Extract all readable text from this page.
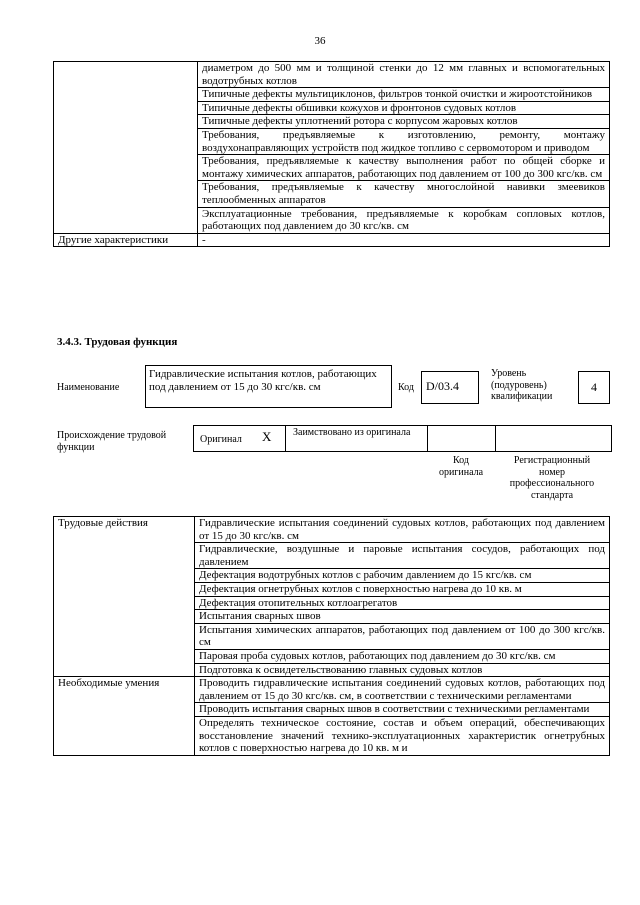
36
	диаметром до 500 мм и толщиной стенки до 12 мм главных и вспомогательных водотрубных котлов
	Типичные дефекты мультициклонов, фильтров тонкой очистки и жироотстойников
	Типичные дефекты обшивки кожухов и фронтонов судовых котлов
	Типичные дефекты уплотнений ротора с корпусом жаровых котлов
	Требования, предъявляемые к изготовлению, ремонту, монтажу воздухонаправляющих устройств под жидкое топливо с сервомотором и приводом
	Требования, предъявляемые к качеству выполнения работ по общей сборке и монтажу химических аппаратов, работающих под давлением от 100 до 300 кгс/кв. см
	Требования, предъявляемые к качеству многослойной навивки змеевиков теплообменных аппаратов
	Эксплуатационные требования, предъявляемые к коробкам сопловых котлов, работающих под давлением до 30 кгс/кв. см
Другие характеристики	-
3.4.3. Трудовая функция
Наименование
Гидравлические испытания котлов, работающих под давлением от 15 до 30 кгс/кв. см	Код	D/03.4
Уровень (подуровень) квалификации
4
Происхождение трудовой функции
Оригинал X Заимствовано из оригинала
Код оригинала
Регистрационный номер профессионального стандарта
Трудовые действия	Гидравлические испытания соединений судовых котлов, работающих под давлением от 15 до 30 кгс/кв. см
	Гидравлические, воздушные и паровые испытания сосудов, работающих под давлением
	Дефектация водотрубных котлов с рабочим давлением до 15 кгс/кв. см
	Дефектация огнетрубных котлов с поверхностью нагрева до 10 кв. м
	Дефектация отопительных котлоагрегатов
	Испытания сварных швов
	Испытания химических аппаратов, работающих под давлением от 100 до 300 кгс/кв. см
	Паровая проба судовых котлов, работающих под давлением до 30 кгс/кв. см
	Подготовка к освидетельствованию главных судовых котлов
Необходимые умения	Проводить гидравлические испытания соединений судовых котлов, работающих под давлением от 15 до 30 кгс/кв. см, в соответствии с техническими регламентами
	Проводить испытания сварных швов в соответствии с техническими регламентами
	Определять техническое состояние, состав и объем операций, обеспечивающих восстановление значений технико-эксплуатационных характеристик огнетрубных котлов с поверхностью нагрева до 10 кв. м и
